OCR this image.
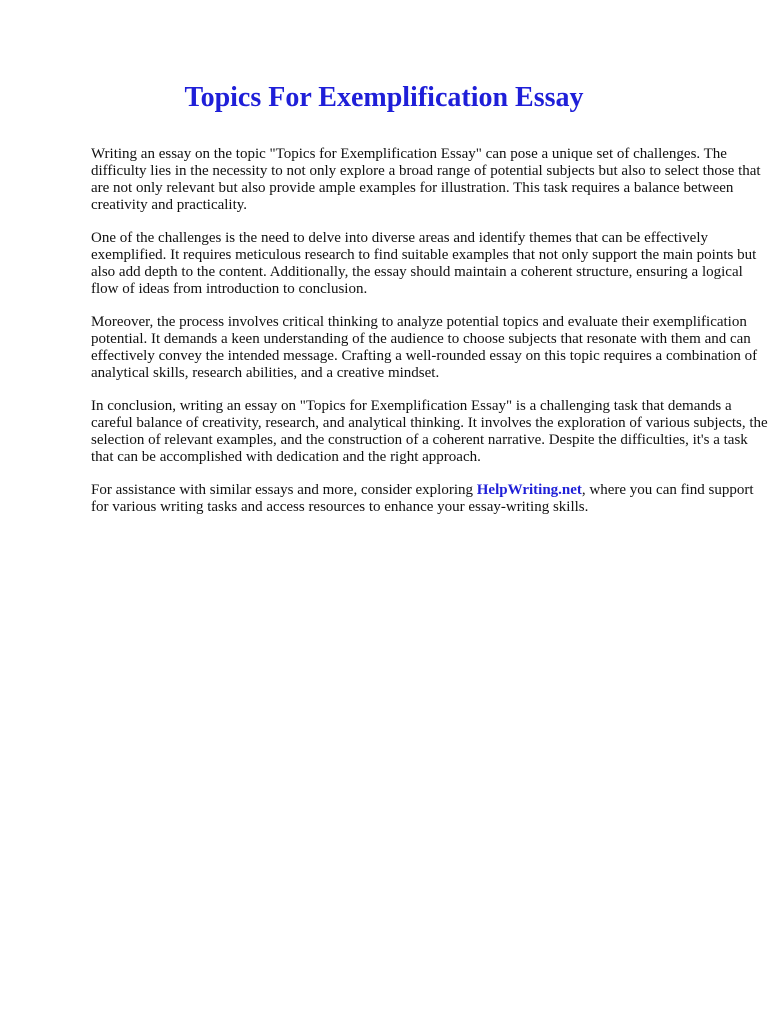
Topics For Exemplification Essay

Writing an essay on the topic "Topics for Exemplification Essay" can pose a unique set of challenges. The difficulty lies in the necessity to not only explore a broad range of potential subjects but also to select those that are not only relevant but also provide ample examples for illustration. This task requires a balance between creativity and practicality.

One of the challenges is the need to delve into diverse areas and identify themes that can be effectively exemplified. It requires meticulous research to find suitable examples that not only support the main points but also add depth to the content. Additionally, the essay should maintain a coherent structure, ensuring a logical flow of ideas from introduction to conclusion.

Moreover, the process involves critical thinking to analyze potential topics and evaluate their exemplification potential. It demands a keen understanding of the audience to choose subjects that resonate with them and can effectively convey the intended message. Crafting a well-rounded essay on this topic requires a combination of analytical skills, research abilities, and a creative mindset.

In conclusion, writing an essay on "Topics for Exemplification Essay" is a challenging task that demands a careful balance of creativity, research, and analytical thinking. It involves the exploration of various subjects, the selection of relevant examples, and the construction of a coherent narrative. Despite the difficulties, it's a task that can be accomplished with dedication and the right approach.

For assistance with similar essays and more, consider exploring HelpWriting.net, where you can find support for various writing tasks and access resources to enhance your essay-writing skills.
